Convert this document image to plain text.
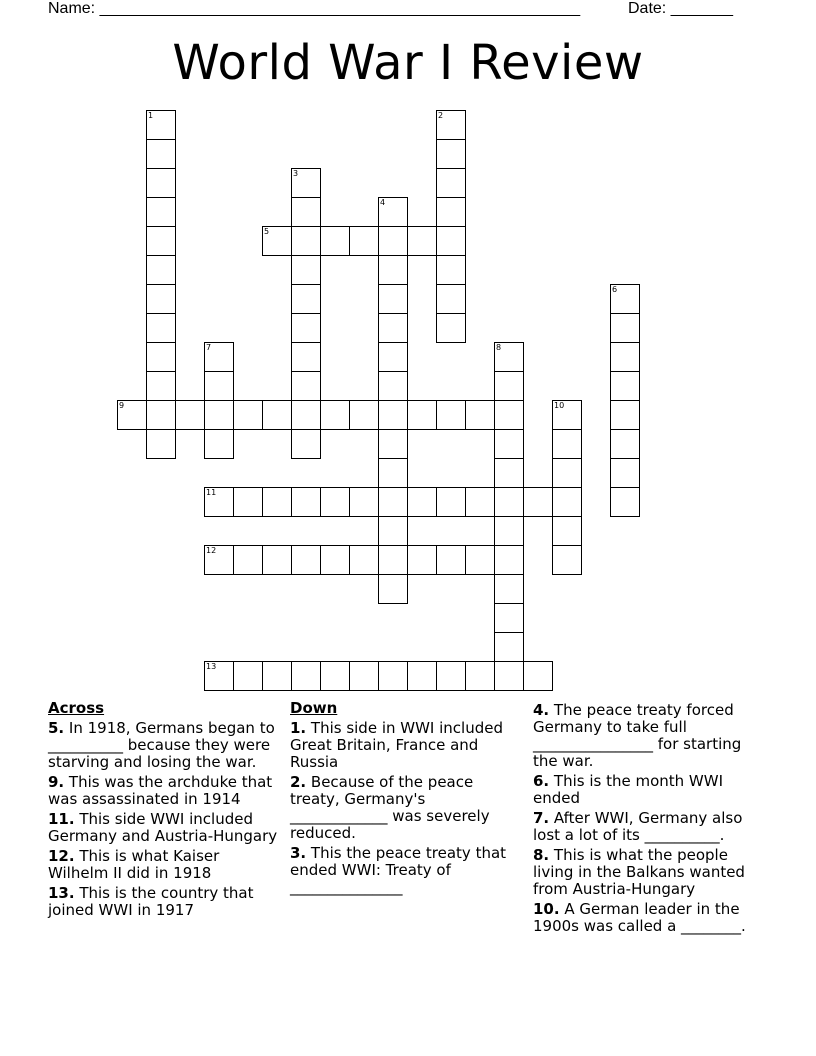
Name: ______________________________________________________	Date: _______
World War I Review
1	2
3
4
5
6
7	8
9	10
11
12
13
Across
5. In 1918, Germans began to __________ because they were starving and losing the war.
9. This was the archduke that was assassinated in 1914
11. This side WWI included Germany and Austria-Hungary
12. This is what Kaiser Wilhelm II did in 1918
13. This is the country that joined WWI in 1917
Down
1. This side in WWI included Great Britain, France and Russia
2. Because of the peace treaty, Germany's _____________ was severely reduced.
3. This the peace treaty that ended WWI: Treaty of _______________
4. The peace treaty forced Germany to take full ________________ for starting the war.
6. This is the month WWI ended
7. After WWI, Germany also lost a lot of its __________.
8. This is what the people living in the Balkans wanted from Austria-Hungary
10. A German leader in the 1900s was called a ________.
